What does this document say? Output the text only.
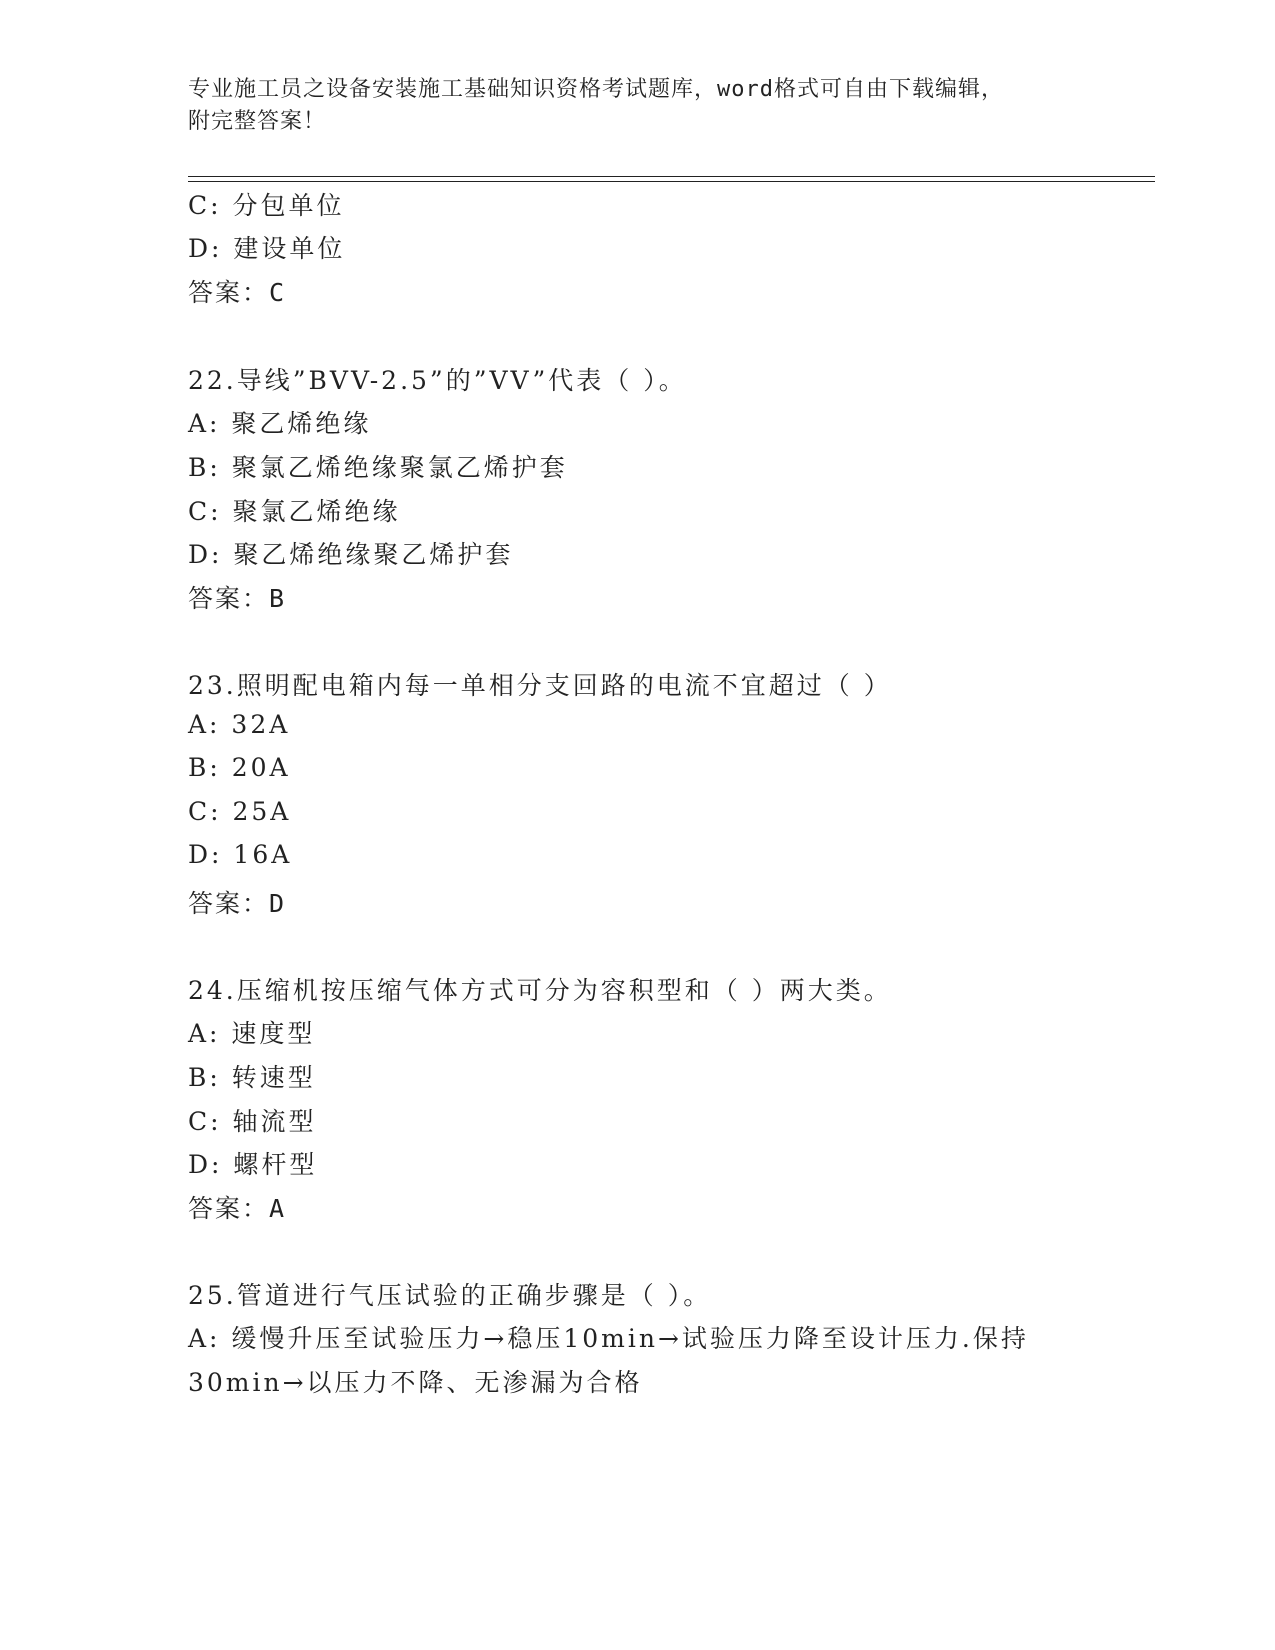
专业施工员之设备安装施工基础知识资格考试题库，word格式可自由下载编辑，
附完整答案！
C: 分包单位
D: 建设单位
答案：C
22.导线”BVV-2.5”的”VV”代表（ ）。
A: 聚乙烯绝缘
B: 聚氯乙烯绝缘聚氯乙烯护套
C: 聚氯乙烯绝缘
D: 聚乙烯绝缘聚乙烯护套
答案：B
23.照明配电箱内每一单相分支回路的电流不宜超过（ ）
A: 32A
B: 20A
C: 25A
D: 16A
答案：D
24.压缩机按压缩气体方式可分为容积型和（ ）两大类。
A: 速度型
B: 转速型
C: 轴流型
D: 螺杆型
答案：A
25.管道进行气压试验的正确步骤是（ ）。
A: 缓慢升压至试验压力→稳压10min→试验压力降至设计压力.保持
30min→以压力不降、无渗漏为合格
